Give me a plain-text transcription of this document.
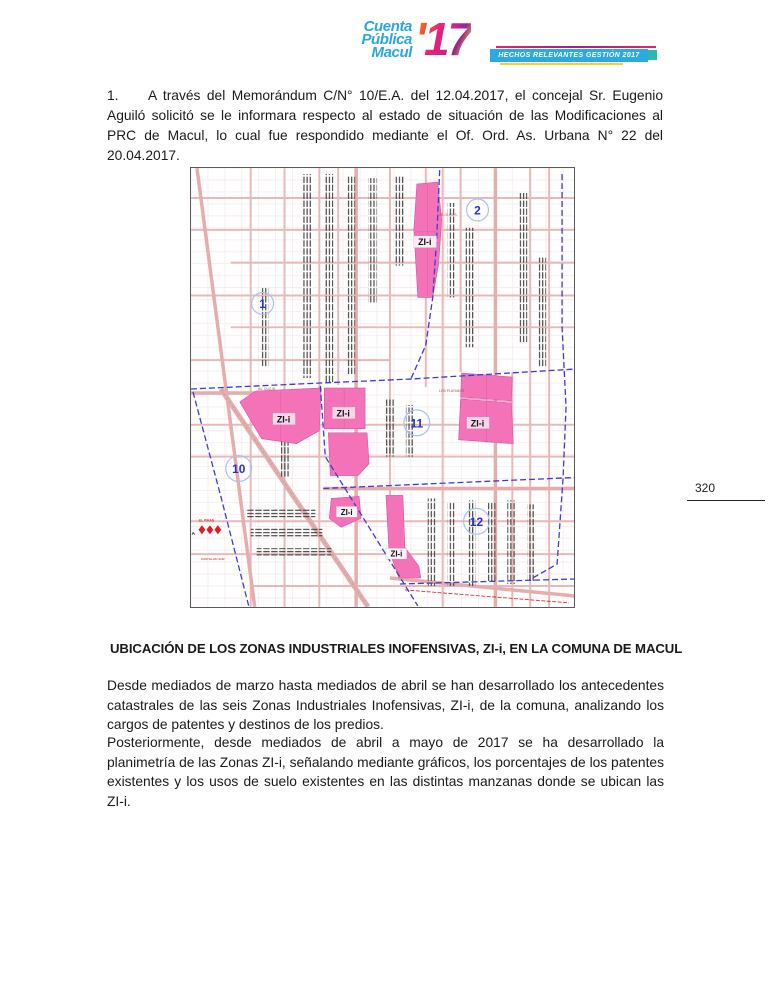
Cuenta
Pública
Macul '17	HECHOS RELEVANTES GESTIÓN 2017
1. A través del Memorándum C/N° 10/E.A. del 12.04.2017, el concejal Sr. Eugenio Aguiló solicitó se le informara respecto al estado de situación de las Modificaciones al PRC de Macul, lo cual fue respondido mediante el Of. Ord. As. Urbana N° 22 del 20.04.2017.
ZI-i
ZI-i
ZI-i
ZI-i
ZI-i
ZI-i
1
2
10
11
12
EL PIRAN
A
CASTILLON SUR
LOS OLMOS
LOS PLATANOS
AV. QUILIN
320
UBICACIÓN DE LOS ZONAS INDUSTRIALES INOFENSIVAS, ZI-i, EN LA COMUNA DE MACUL
Desde mediados de marzo hasta mediados de abril se han desarrollado los antecedentes catastrales de las seis Zonas Industriales Inofensivas, ZI-i, de la comuna, analizando los cargos de patentes y destinos de los predios.
Posteriormente, desde mediados de abril a mayo de 2017 se ha desarrollado la planimetría de las Zonas ZI-i, señalando mediante gráficos, los porcentajes de los patentes existentes y los usos de suelo existentes en las distintas manzanas donde se ubican las ZI-i.
